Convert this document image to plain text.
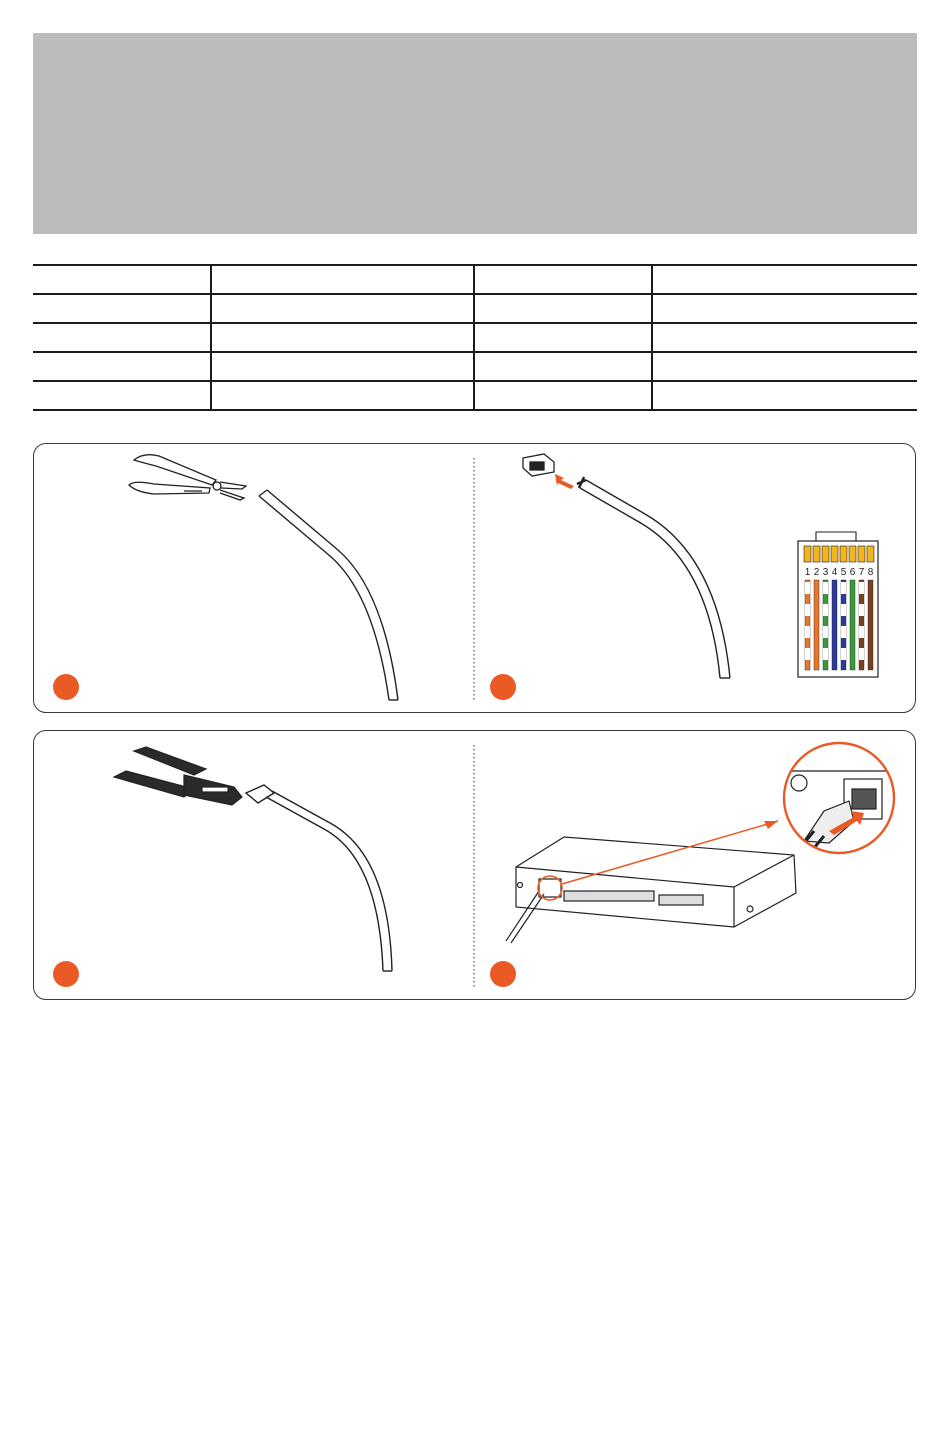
1 2 3 4 5 6 7 8
